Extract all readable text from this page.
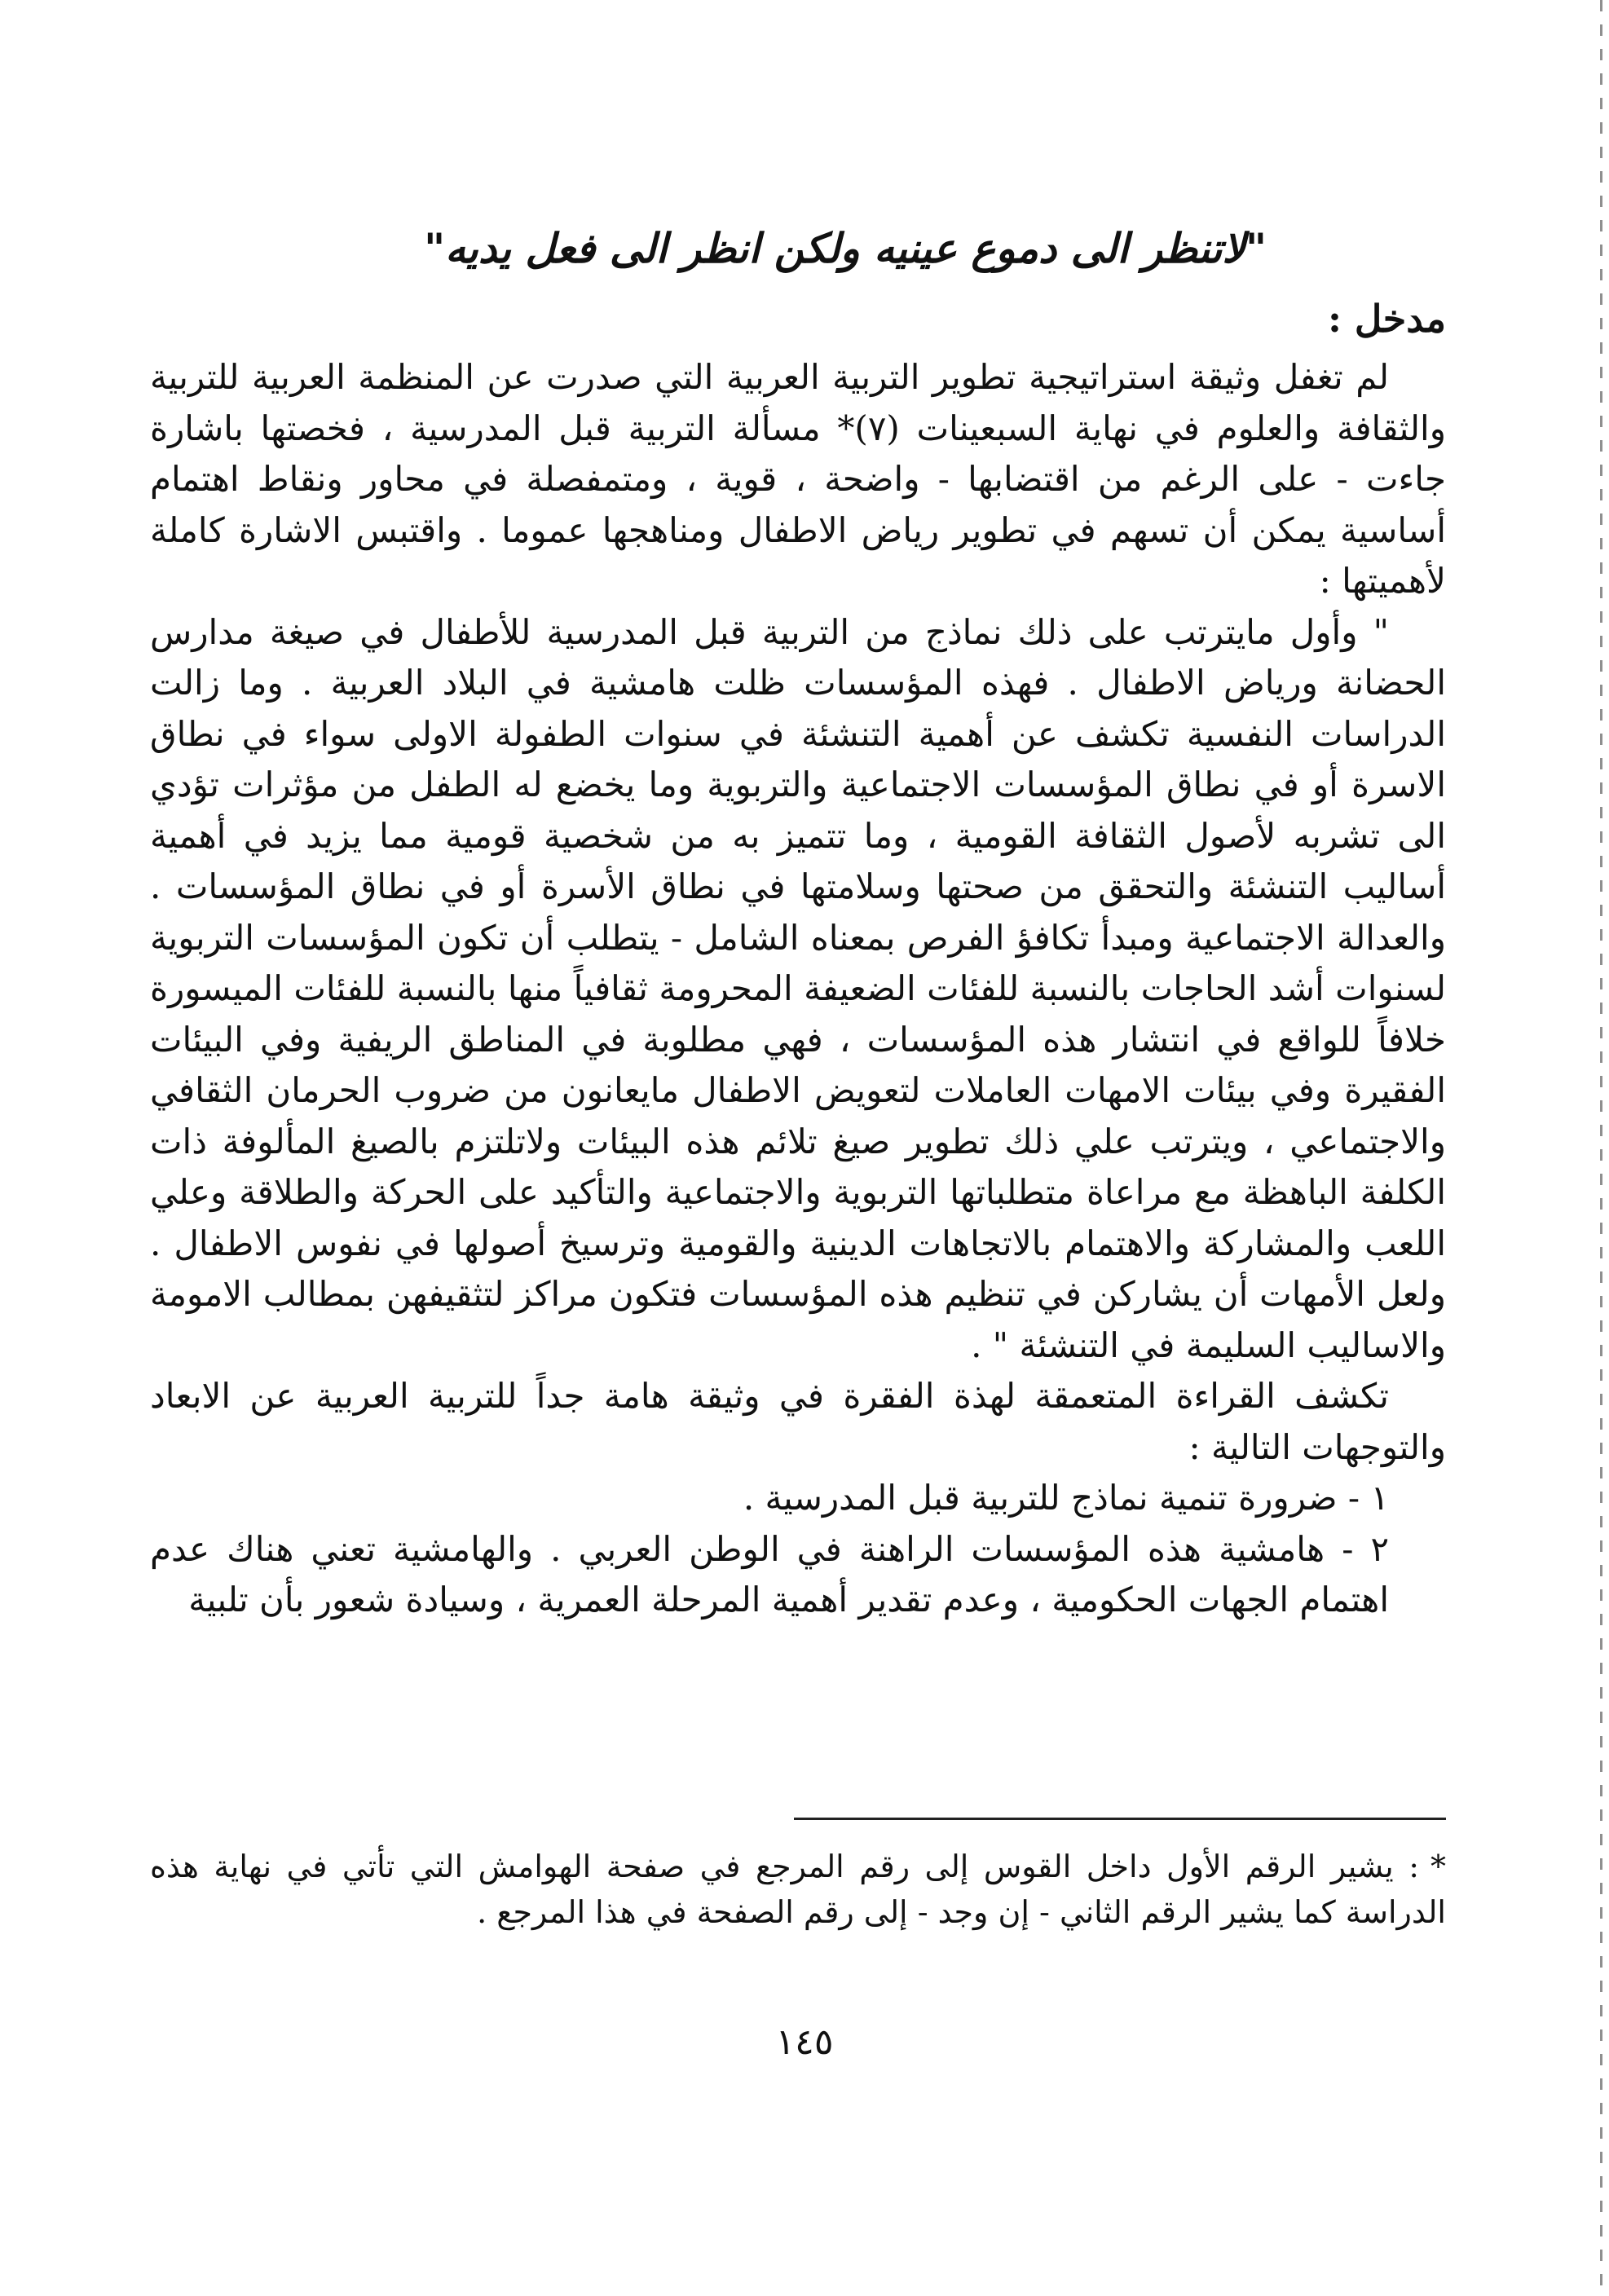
"لاتنظر الى دموع عينيه ولكن انظر الى فعل يديه"
مدخل :

لم تغفل وثيقة استراتيجية تطوير التربية العربية التي صدرت عن المنظمة العربية للتربية والثقافة والعلوم في نهاية السبعينات (٧)* مسألة التربية قبل المدرسية ، فخصتها باشارة جاءت - على الرغم من اقتضابها - واضحة ، قوية ، ومتمفصلة في محاور ونقاط اهتمام أساسية يمكن أن تسهم في تطوير رياض الاطفال ومناهجها عموما . واقتبس الاشارة كاملة لأهميتها :

" وأول مايترتب على ذلك نماذج من التربية قبل المدرسية للأطفال في صيغة مدارس الحضانة ورياض الاطفال . فهذه المؤسسات ظلت هامشية في البلاد العربية . وما زالت الدراسات النفسية تكشف عن أهمية التنشئة في سنوات الطفولة الاولى سواء في نطاق الاسرة أو في نطاق المؤسسات الاجتماعية والتربوية وما يخضع له الطفل من مؤثرات تؤدي الى تشربه لأصول الثقافة القومية ، وما تتميز به من شخصية قومية مما يزيد في أهمية أساليب التنشئة والتحقق من صحتها وسلامتها في نطاق الأسرة أو في نطاق المؤسسات . والعدالة الاجتماعية ومبدأ تكافؤ الفرص بمعناه الشامل - يتطلب أن تكون المؤسسات التربوية لسنوات أشد الحاجات بالنسبة للفئات الضعيفة المحرومة ثقافياً منها بالنسبة للفئات الميسورة خلافاً للواقع في انتشار هذه المؤسسات ، فهي مطلوبة في المناطق الريفية وفي البيئات الفقيرة وفي بيئات الامهات العاملات لتعويض الاطفال مايعانون من ضروب الحرمان الثقافي والاجتماعي ، ويترتب علي ذلك تطوير صيغ تلائم هذه البيئات ولاتلتزم بالصيغ المألوفة ذات الكلفة الباهظة مع مراعاة متطلباتها التربوية والاجتماعية والتأكيد على الحركة والطلاقة وعلي اللعب والمشاركة والاهتمام بالاتجاهات الدينية والقومية وترسيخ أصولها في نفوس الاطفال . ولعل الأمهات أن يشاركن في تنظيم هذه المؤسسات فتكون مراكز لتثقيفهن بمطالب الامومة والاساليب السليمة في التنشئة " .

تكشف القراءة المتعمقة لهذة الفقرة في وثيقة هامة جداً للتربية العربية عن الابعاد والتوجهات التالية :

١ - ضرورة تنمية نماذج للتربية قبل المدرسية .
٢ - هامشية هذه المؤسسات الراهنة في الوطن العربي . والهامشية تعني هناك عدم اهتمام الجهات الحكومية ، وعدم تقدير أهمية المرحلة العمرية ، وسيادة شعور بأن تلبية
*: يشير الرقم الأول داخل القوس إلى رقم المرجع في صفحة الهوامش التي تأتي في نهاية هذه الدراسة كما يشير الرقم الثاني - إن وجد - إلى رقم الصفحة في هذا المرجع .
١٤٥
